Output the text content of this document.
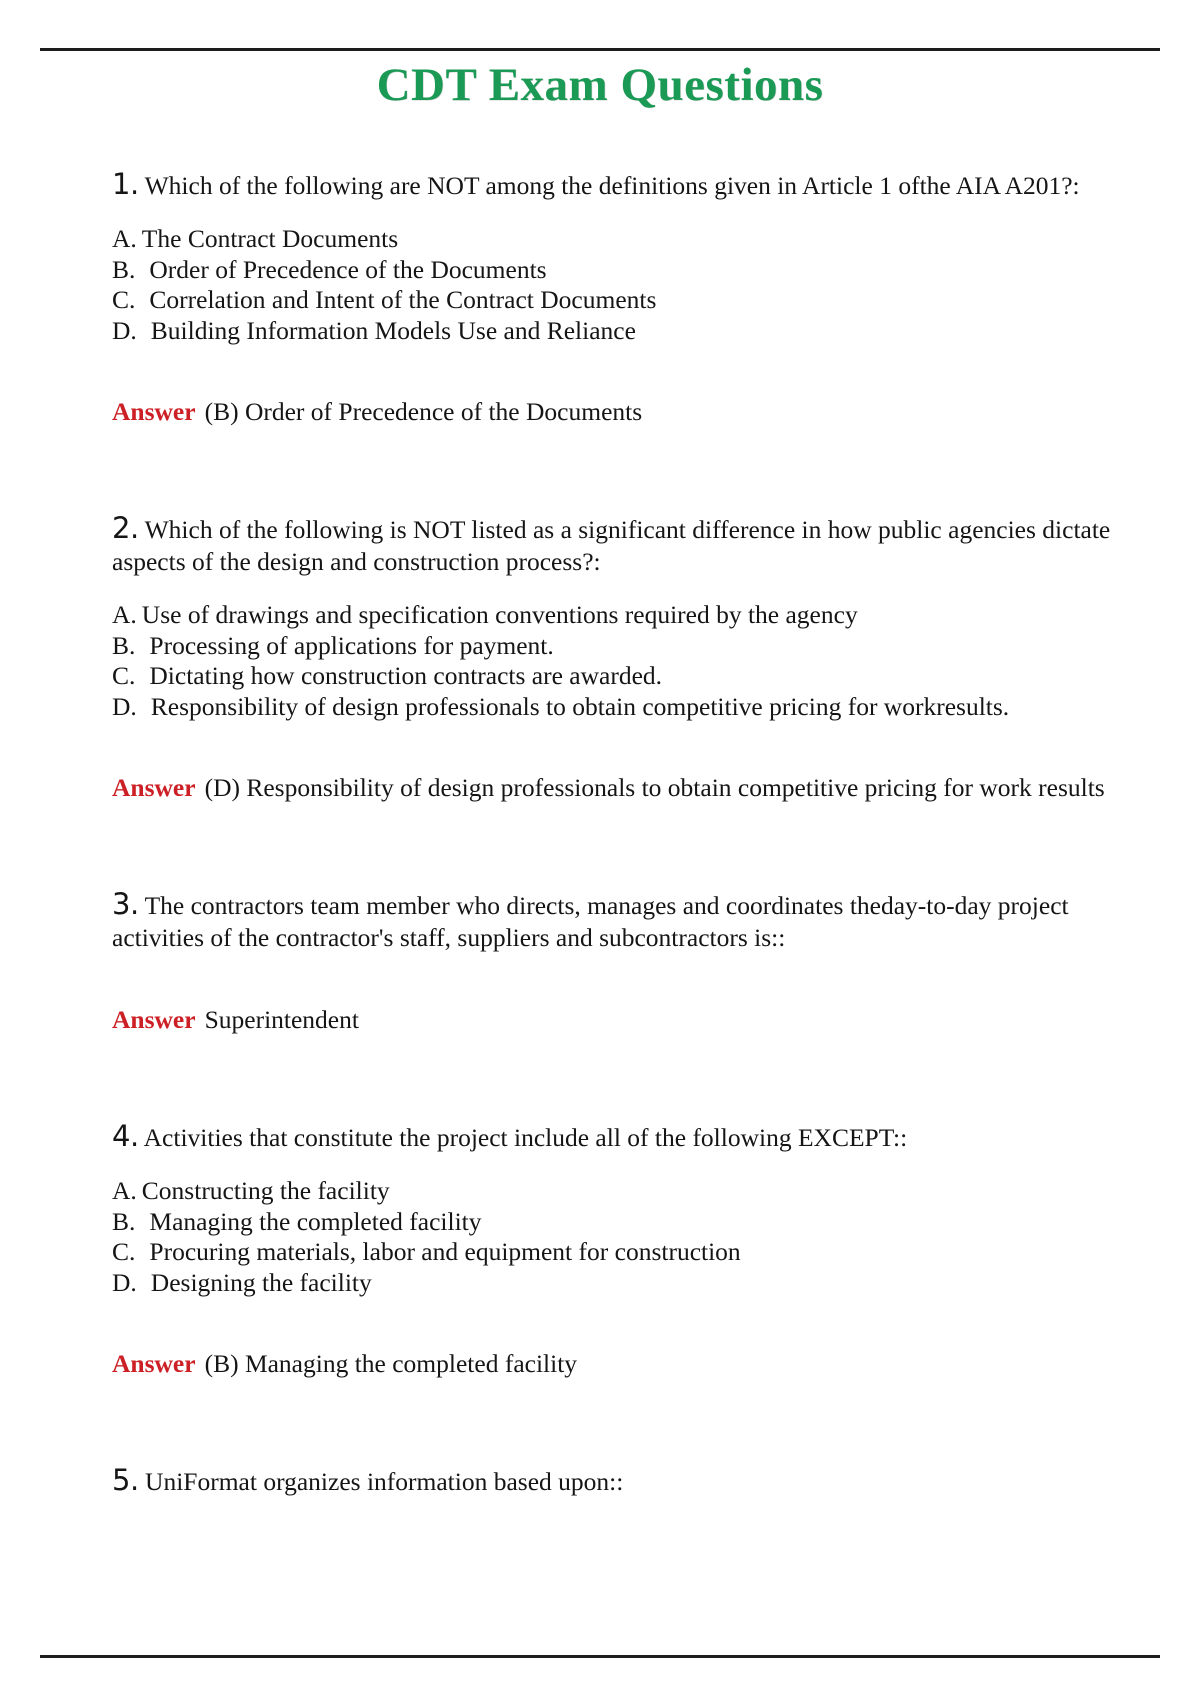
CDT Exam Questions

1. Which of the following are NOT among the definitions given in Article 1 ofthe AIA A201?:

A. The Contract Documents
B. Order of Precedence of the Documents
C. Correlation and Intent of the Contract Documents
D. Building Information Models Use and Reliance

Answer (B) Order of Precedence of the Documents

2. Which of the following is NOT listed as a significant difference in how public agencies dictate aspects of the design and construction process?:

A. Use of drawings and specification conventions required by the agency
B. Processing of applications for payment.
C. Dictating how construction contracts are awarded.
D. Responsibility of design professionals to obtain competitive pricing for workresults.

Answer (D) Responsibility of design professionals to obtain competitive pricing for work results

3. The contractors team member who directs, manages and coordinates theday-to-day project activities of the contractor's staff, suppliers and subcontractors is::

Answer Superintendent

4. Activities that constitute the project include all of the following EXCEPT::

A. Constructing the facility
B. Managing the completed facility
C. Procuring materials, labor and equipment for construction
D. Designing the facility

Answer (B) Managing the completed facility

5. UniFormat organizes information based upon::
